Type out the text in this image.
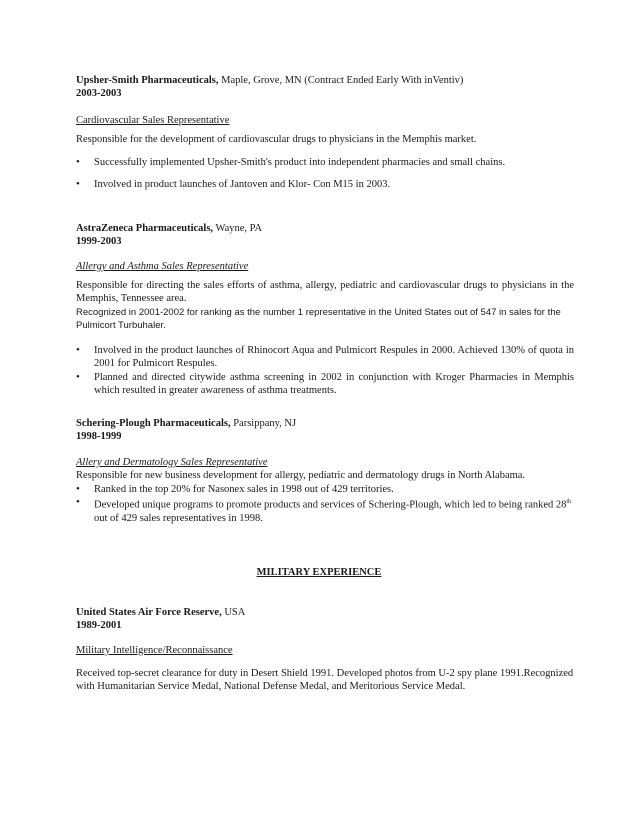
Upsher-Smith Pharmaceuticals, Maple, Grove, MN (Contract Ended Early With inVentiv)
2003-2003
Cardiovascular Sales Representative
Responsible for the development of cardiovascular drugs to physicians in the Memphis market.
• Successfully implemented Upsher-Smith's product into independent pharmacies and small chains.
• Involved in product launches of Jantoven and Klor- Con M15 in 2003.
AstraZeneca Pharmaceuticals, Wayne, PA
1999-2003
Allergy and Asthma Sales Representative
Responsible for directing the sales efforts of asthma, allergy, pediatric and cardiovascular drugs to physicians in the Memphis, Tennessee area.
Recognized in 2001-2002 for ranking as the number 1 representative in the United States out of 547 in sales for the Pulmicort Turbuhaler.
• Involved in the product launches of Rhinocort Aqua and Pulmicort Respules in 2000. Achieved 130% of quota in 2001 for Pulmicort Respules.
• Planned and directed citywide asthma screening in 2002 in conjunction with Kroger Pharmacies in Memphis which resulted in greater awareness of asthma treatments.
Schering-Plough Pharmaceuticals, Parsippany, NJ
1998-1999
Allery and Dermatology Sales Representative
Responsible for new business development for allergy, pediatric and dermatology drugs in North Alabama.
• Ranked in the top 20% for Nasonex sales in 1998 out of 429 territories.
• Developed unique programs to promote products and services of Schering-Plough, which led to being ranked 28th out of 429 sales representatives in 1998.
MILITARY EXPERIENCE
United States Air Force Reserve, USA
1989-2001
Military Intelligence/Reconnaissance
Received top-secret clearance for duty in Desert Shield 1991. Developed photos from U-2 spy plane 1991.Recognized with Humanitarian Service Medal, National Defense Medal, and Meritorious Service Medal.
